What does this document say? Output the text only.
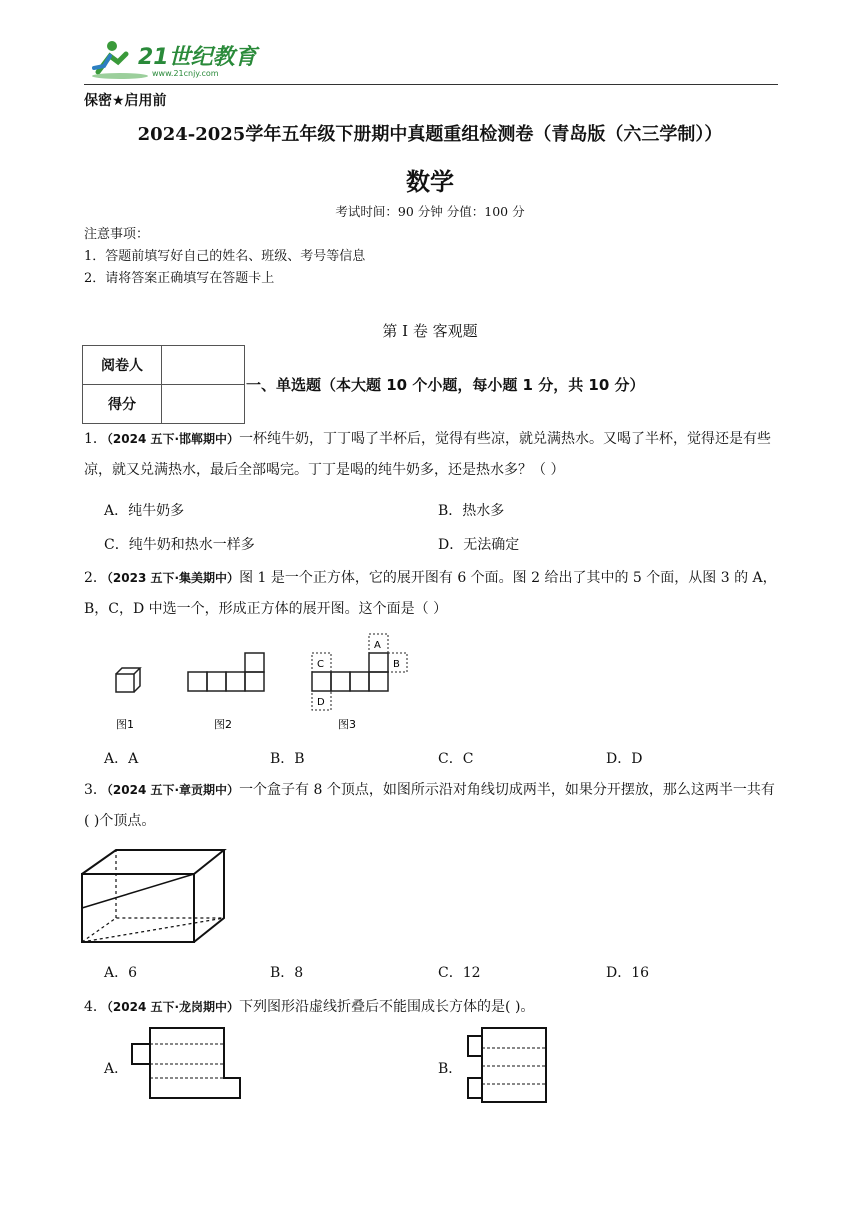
21世纪教育
www.21cnjy.com
保密★启用前
2024-2025学年五年级下册期中真题重组检测卷（青岛版（六三学制））
数学
考试时间：90 分钟 分值：100 分
注意事项：
1．答题前填写好自己的姓名、班级、考号等信息
2．请将答案正确填写在答题卡上
第 I 卷 客观题
阅卷人	
得分	
一、单选题（本大题 10 个小题，每小题 1 分，共 10 分）
1．（2024 五下·邯郸期中）一杯纯牛奶，丁丁喝了半杯后，觉得有些凉，就兑满热水。又喝了半杯，觉得还是有些凉，就又兑满热水，最后全部喝完。丁丁是喝的纯牛奶多，还是热水多？（ ）
A．纯牛奶多	B．热水多
C．纯牛奶和热水一样多	D．无法确定
2．（2023 五下·集美期中）图 1 是一个正方体，它的展开图有 6 个面。图 2 给出了其中的 5 个面，从图 3 的 A，B，C，D 中选一个，形成正方体的展开图。这个面是（ ）
图1	图2
A
B
C
D
图3
A．A	B．B	C．C	D．D
3．（2024 五下·章贡期中）一个盒子有 8 个顶点，如图所示沿对角线切成两半，如果分开摆放，那么这两半一共有( )个顶点。
A．6	B．8	C．12	D．16
4．（2024 五下·龙岗期中）下列图形沿虚线折叠后不能围成长方体的是( )。
A．	B．
